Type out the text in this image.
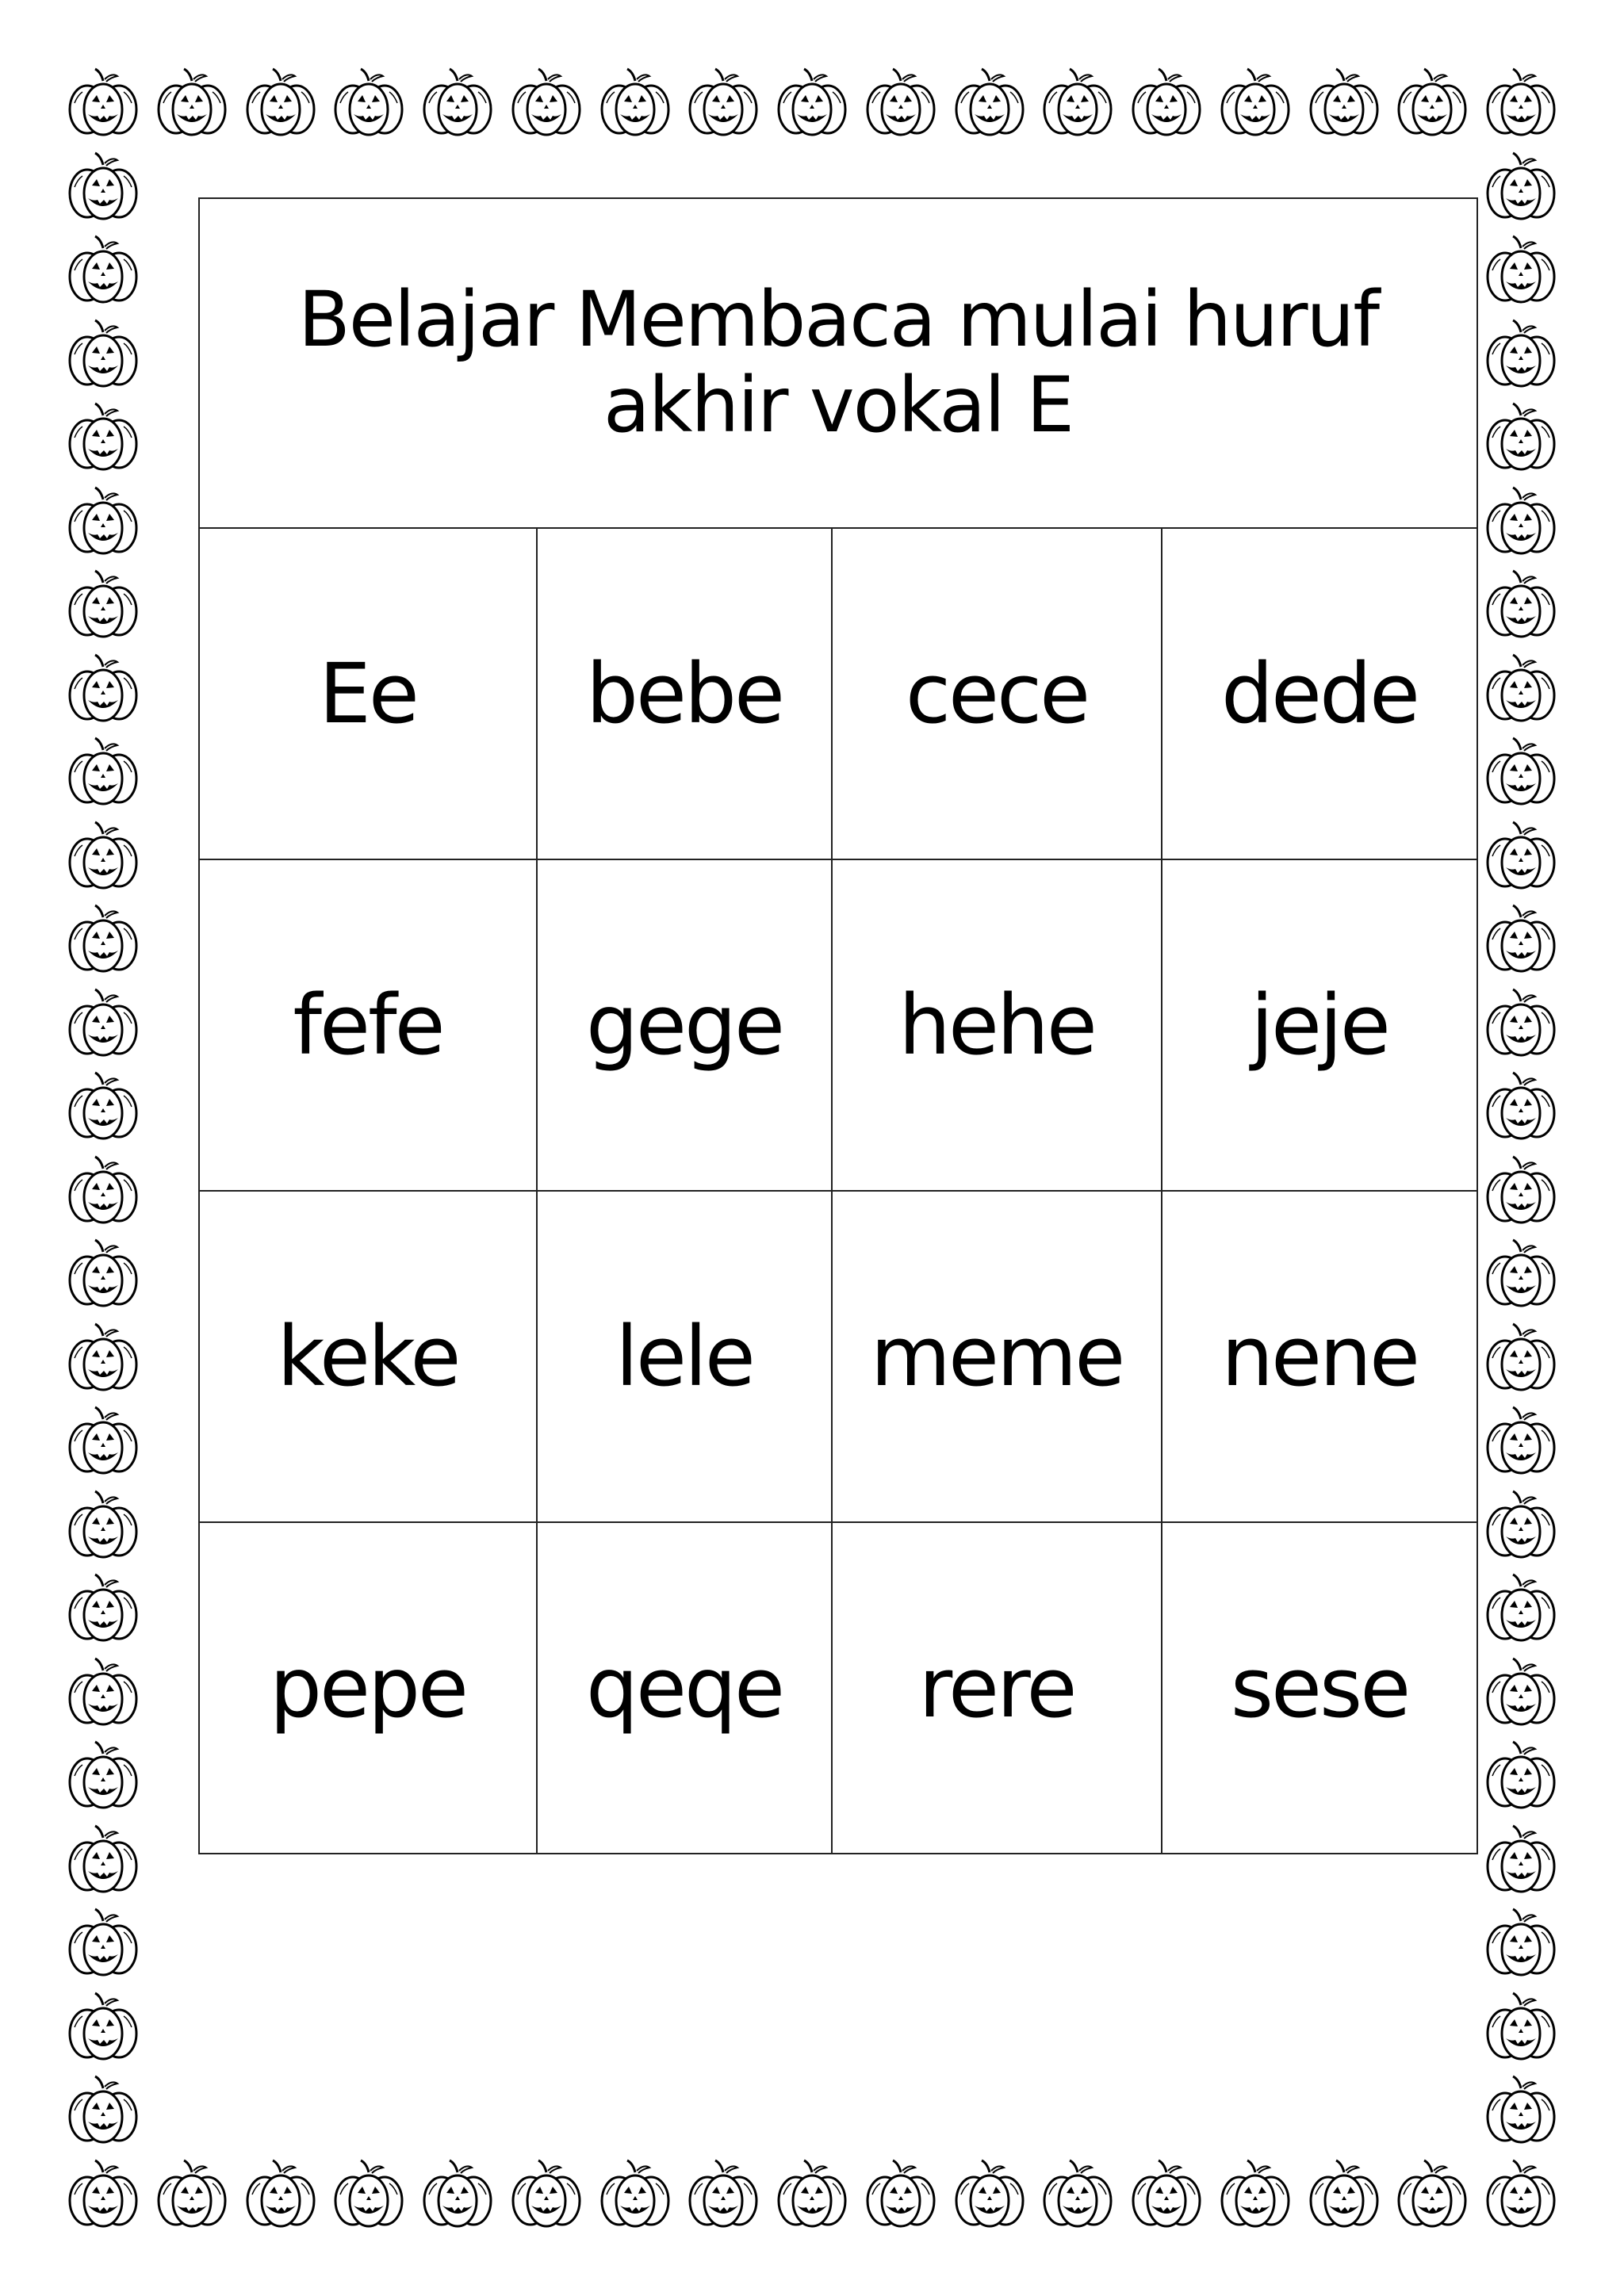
Belajar Membaca mulai huruf
akhir vokal E			

Ee	bebe	cece	dede
fefe	gege	hehe	jeje
keke	lele	meme	nene
pepe	qeqe	rere	sese
